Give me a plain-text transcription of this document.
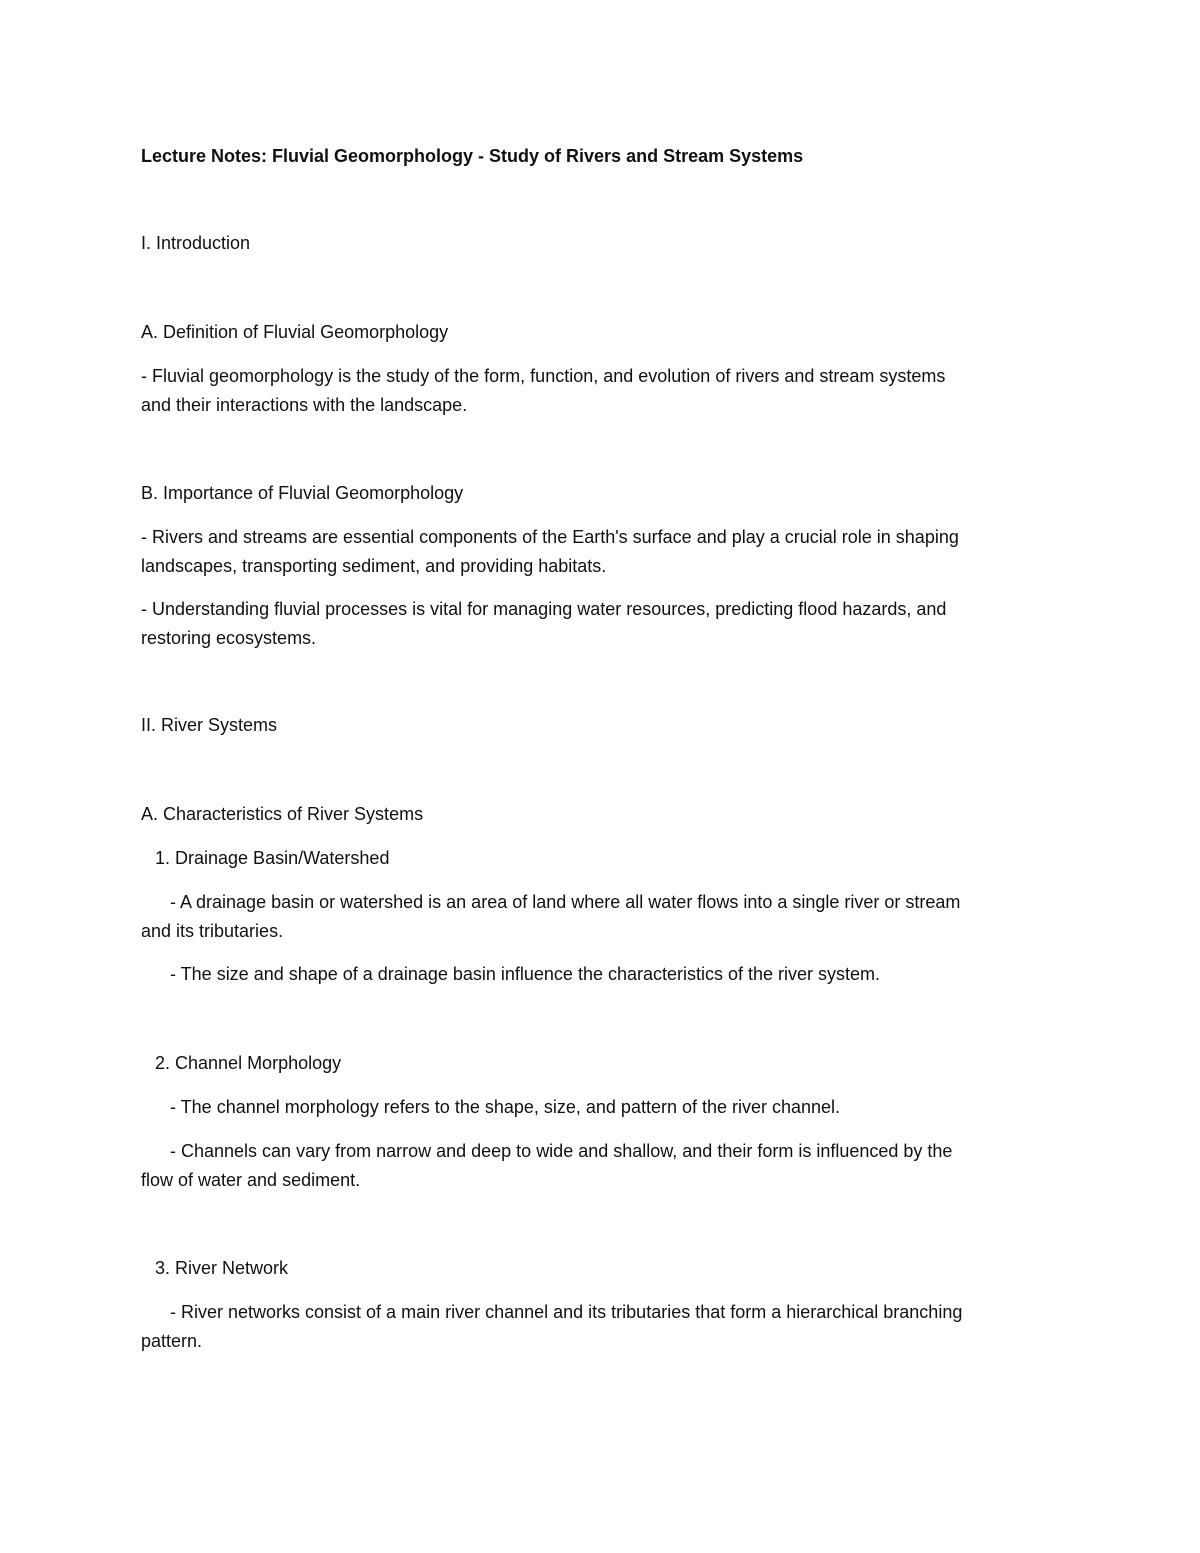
Lecture Notes: Fluvial Geomorphology - Study of Rivers and Stream Systems

I. Introduction

A. Definition of Fluvial Geomorphology

- Fluvial geomorphology is the study of the form, function, and evolution of rivers and stream systems

and their interactions with the landscape.

B. Importance of Fluvial Geomorphology

- Rivers and streams are essential components of the Earth's surface and play a crucial role in shaping

landscapes, transporting sediment, and providing habitats.

- Understanding fluvial processes is vital for managing water resources, predicting flood hazards, and

restoring ecosystems.

II. River Systems

A. Characteristics of River Systems

1. Drainage Basin/Watershed

- A drainage basin or watershed is an area of land where all water flows into a single river or stream

and its tributaries.

- The size and shape of a drainage basin influence the characteristics of the river system.

2. Channel Morphology

- The channel morphology refers to the shape, size, and pattern of the river channel.

- Channels can vary from narrow and deep to wide and shallow, and their form is influenced by the

flow of water and sediment.

3. River Network

- River networks consist of a main river channel and its tributaries that form a hierarchical branching

pattern.
